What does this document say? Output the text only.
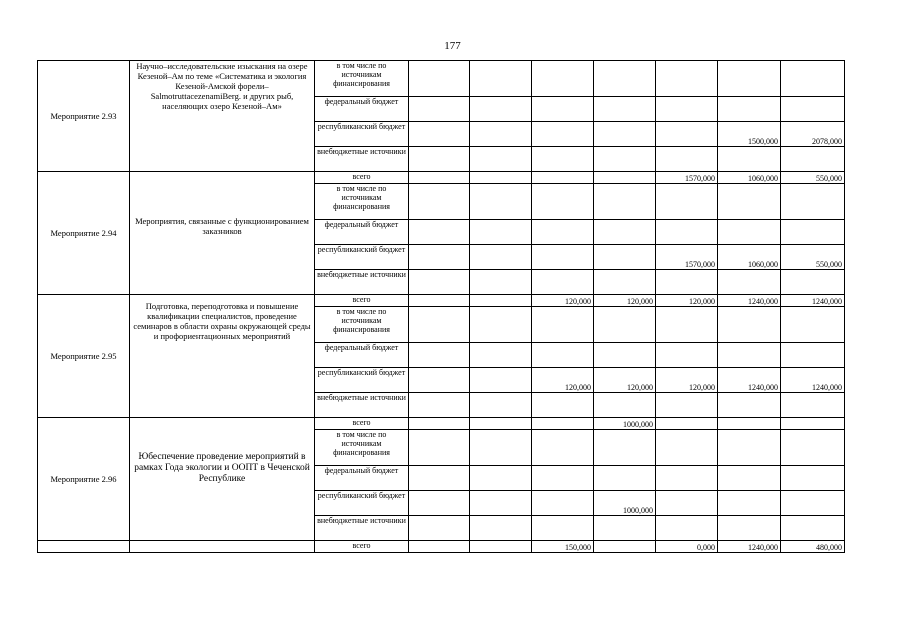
177
Мероприятие 2.93	Научно–исследовательские изыскания на озере Кезеной–Ам по теме «Систематика и экология Кезеной-Амской форели–SalmotruttacezenamiBerg. и других рыб, населяющих озеро Кезеной–Ам»	в том числе по источникам финансирования							
		федеральный бюджет							
		республиканский бюджет						1500,000	2078,000
		внебюджетные источники							
Мероприятие 2.94	Мероприятия, связанные с функционированием заказников	всего					1570,000	1060,000	550,000
		в том числе по источникам финансирования							
		федеральный бюджет							
		республиканский бюджет					1570,000	1060,000	550,000
		внебюджетные источники							
Мероприятие 2.95	Подготовка, переподготовка и повышение квалификации специалистов, проведение семинаров в области охраны окружающей среды и профориентационных мероприятий	всего			120,000	120,000	120,000	1240,000	1240,000
		в том числе по источникам финансирования							
		федеральный бюджет							
		республиканский бюджет			120,000	120,000	120,000	1240,000	1240,000
		внебюджетные источники							
Мероприятие 2.96	Юбеспечение проведение мероприятий в рамках Года экологии и ООПТ в Чеченской Республике	всего				1000,000			
		в том числе по источникам финансирования							
		федеральный бюджет							
		республиканский бюджет				1000,000			
		внебюджетные источники							
		всего			150,000		0,000	1240,000	480,000
